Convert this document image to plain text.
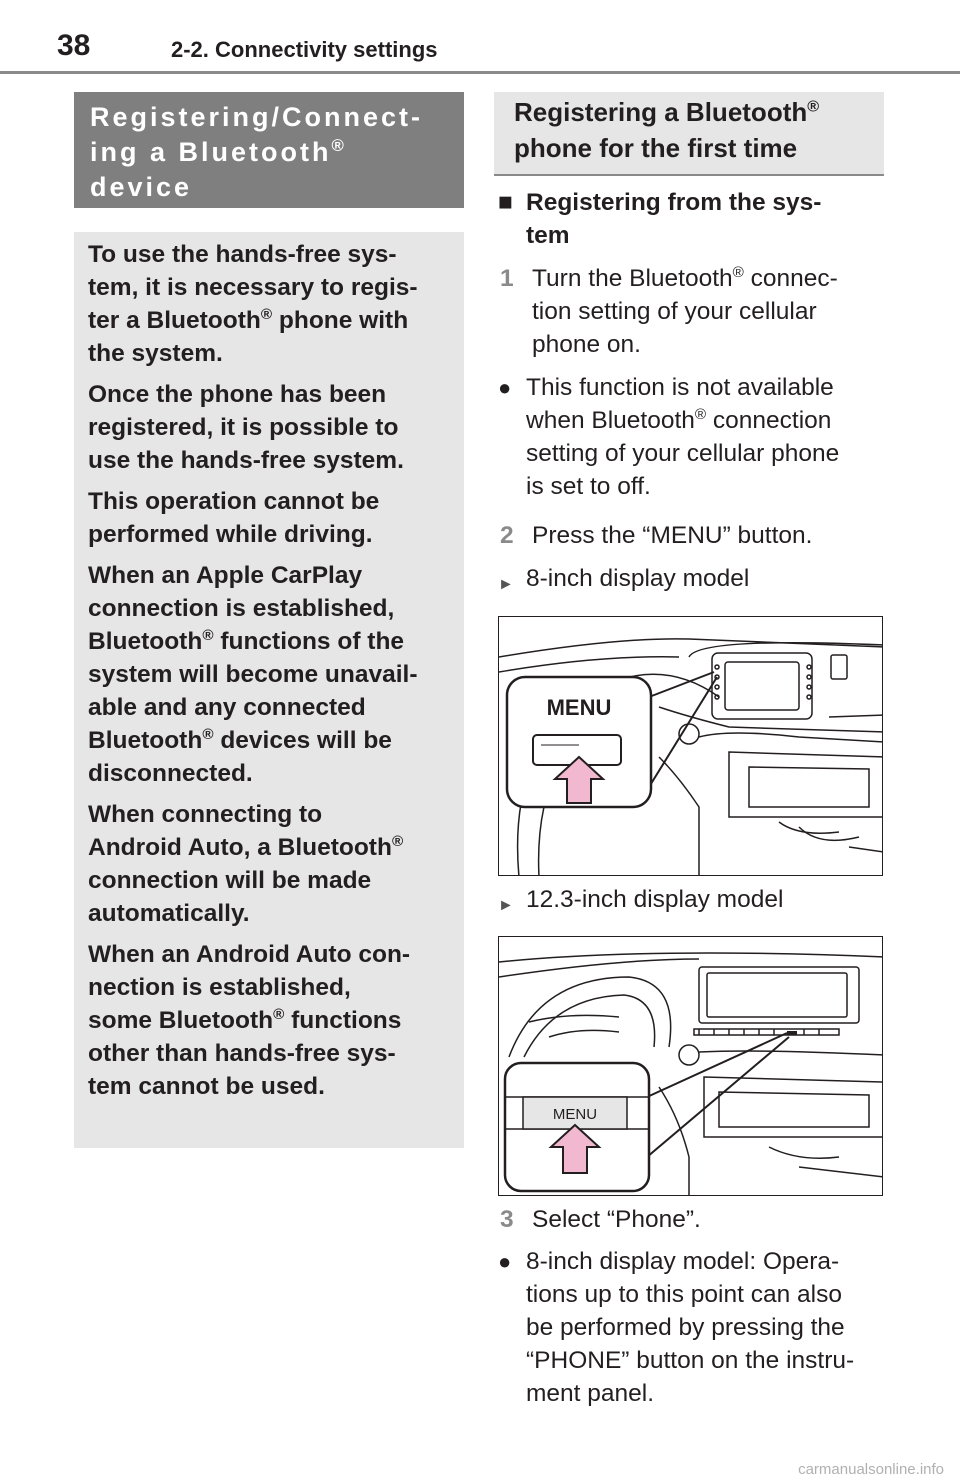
38	2-2. Connectivity settings
Registering/Connect-
ing a Bluetooth®
device

To use the hands-free sys-
tem, it is necessary to regis-
ter a Bluetooth® phone with
the system.

Once the phone has been
registered, it is possible to
use the hands-free system.

This operation cannot be
performed while driving.

When an Apple CarPlay
connection is established,
Bluetooth® functions of the
system will become unavail-
able and any connected
Bluetooth® devices will be
disconnected.

When connecting to
Android Auto, a Bluetooth®
connection will be made
automatically.

When an Android Auto con-
nection is established,
some Bluetooth® functions
other than hands-free sys-
tem cannot be used.

Registering a Bluetooth®
phone for the first time
■ Registering from the sys-
tem
1 Turn the Bluetooth® connec-
tion setting of your cellular
phone on.
● This function is not available
when Bluetooth® connection
setting of your cellular phone
is set to off.
2 Press the “MENU” button.
► 8-inch display model
MENU
► 12.3-inch display model
MENU
3 Select “Phone”.
● 8-inch display model: Opera-
tions up to this point can also
be performed by pressing the
“PHONE” button on the instru-
ment panel.
carmanualsonline.info
